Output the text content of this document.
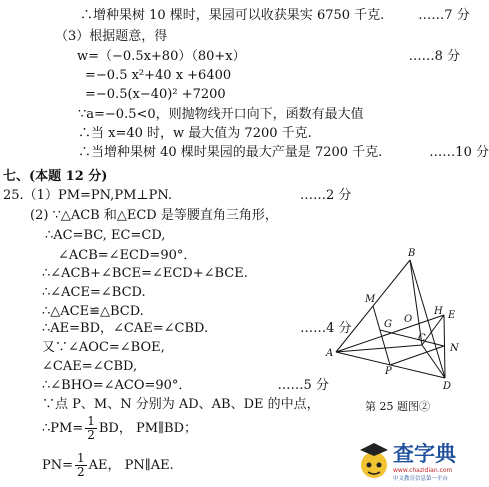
∴增种果树 10 棵时，果园可以收获果实 6750 千克.	……7 分
（3）根据题意，得
w=（−0.5x+80）（80+x）	……8 分
=−0.5 x²+40 x +6400
=−0.5(x−40)² +7200
∵a=−0.5<0，则抛物线开口向下，函数有最大值
∴当 x=40 时，w 最大值为 7200 千克.
∴当增种果树 40 棵时果园的最大产量是 7200 千克.	……10 分
七、(本题 12 分)
25.（1）PM=PN,PM⊥PN.	……2 分
(2) ∵△ACB 和△ECD 是等腰直角三角形，
∴AC=BC, EC=CD,
∠ACB=∠ECD=90°．
∴∠ACB+∠BCE=∠ECD+∠BCE.
∴∠ACE=∠BCD.
∴△ACE≌△BCD.
∴AE=BD，∠CAE=∠CBD.	……4 分
又∵∠AOC=∠BOE,
∠CAE=∠CBD,
∴∠BHO=∠ACO=90°．	……5 分
∵点 P、M、N 分别为 AD、AB、DE 的中点，
∴PM= $\frac{1}{2}$ BD， PM∥BD；
$PN= \frac{1}{2}$ AE， PN∥AE.
A
B
C
D
E
G
H
M
N
O
P
第 25 题图②
查字典
www.chazidian.com
中文教育信息第一平台
